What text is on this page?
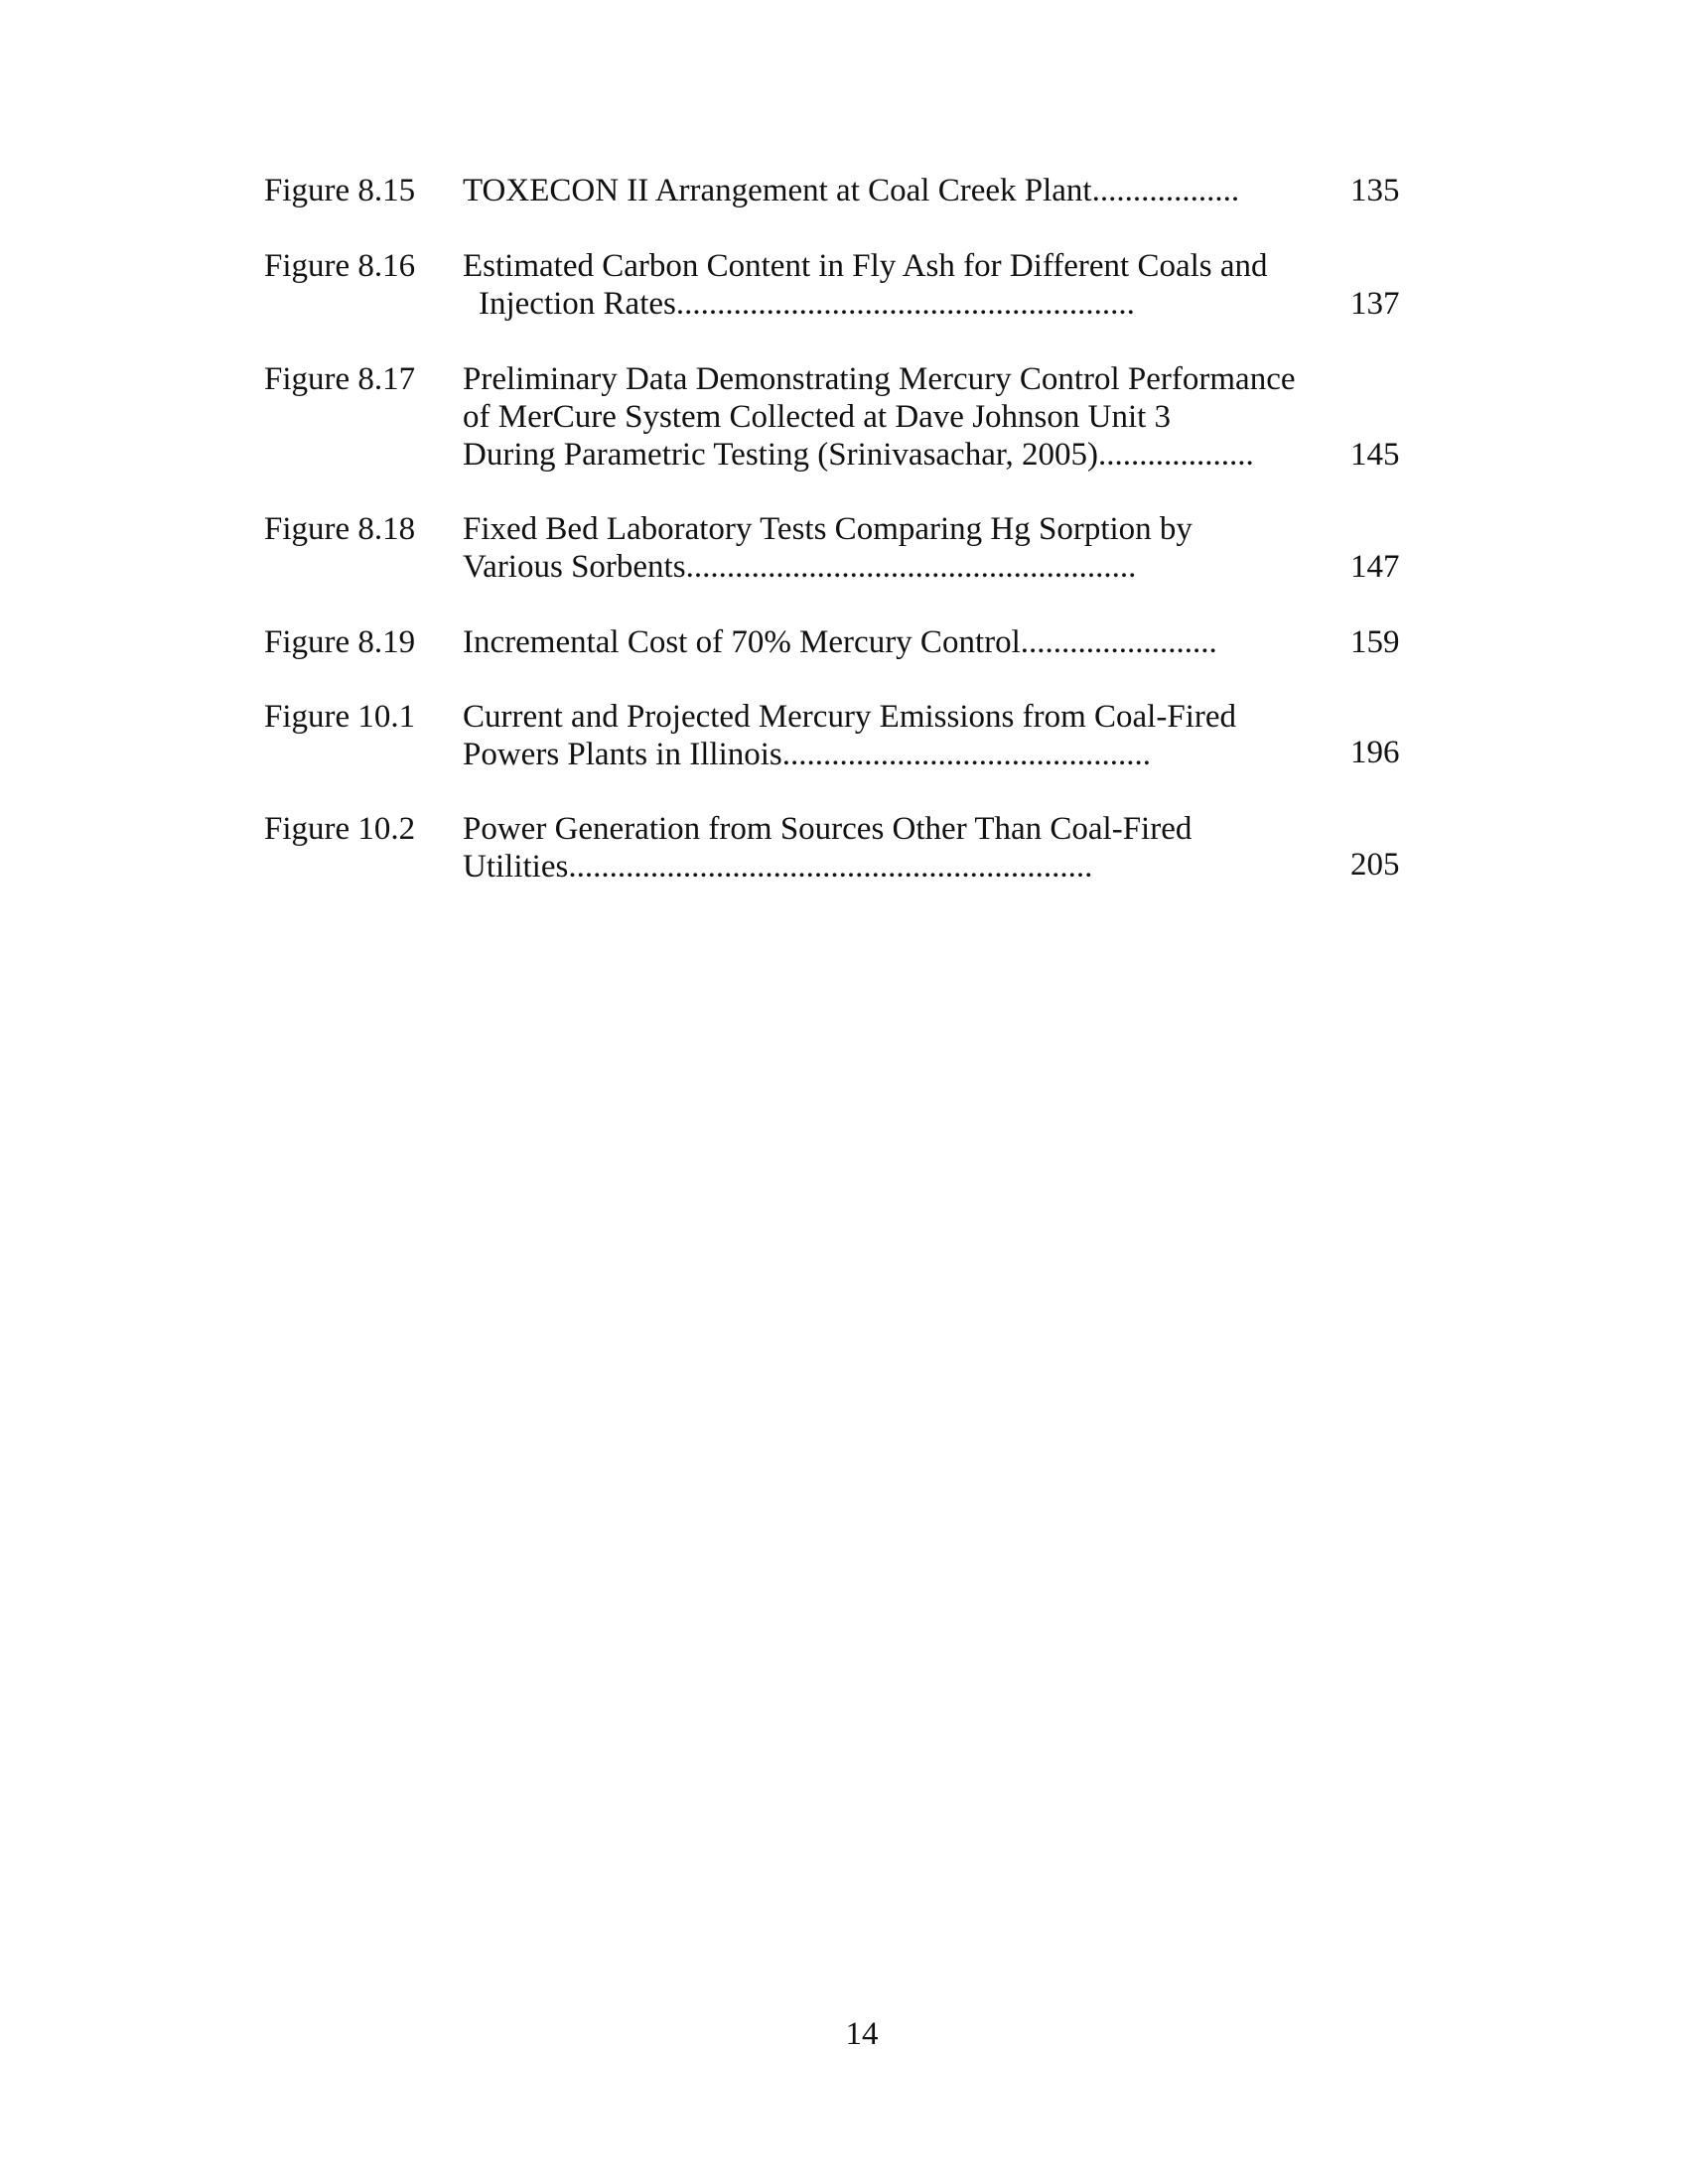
Figure 8.15 TOXECON II Arrangement at Coal Creek Plant..................	135
Figure 8.16 Estimated Carbon Content in Fly Ash for Different Coals and
Injection Rates........................................................	137
Figure 8.17 Preliminary Data Demonstrating Mercury Control Performance
of MerCure System Collected at Dave Johnson Unit 3
During Parametric Testing (Srinivasachar, 2005)...................	145
Figure 8.18 Fixed Bed Laboratory Tests Comparing Hg Sorption by
Various Sorbents.......................................................	147
Figure 8.19 Incremental Cost of 70% Mercury Control........................	159
Figure 10.1 Current and Projected Mercury Emissions from Coal-Fired
Powers Plants in Illinois.............................................	196
Figure 10.2 Power Generation from Sources Other Than Coal-Fired
Utilities................................................................	205
14
